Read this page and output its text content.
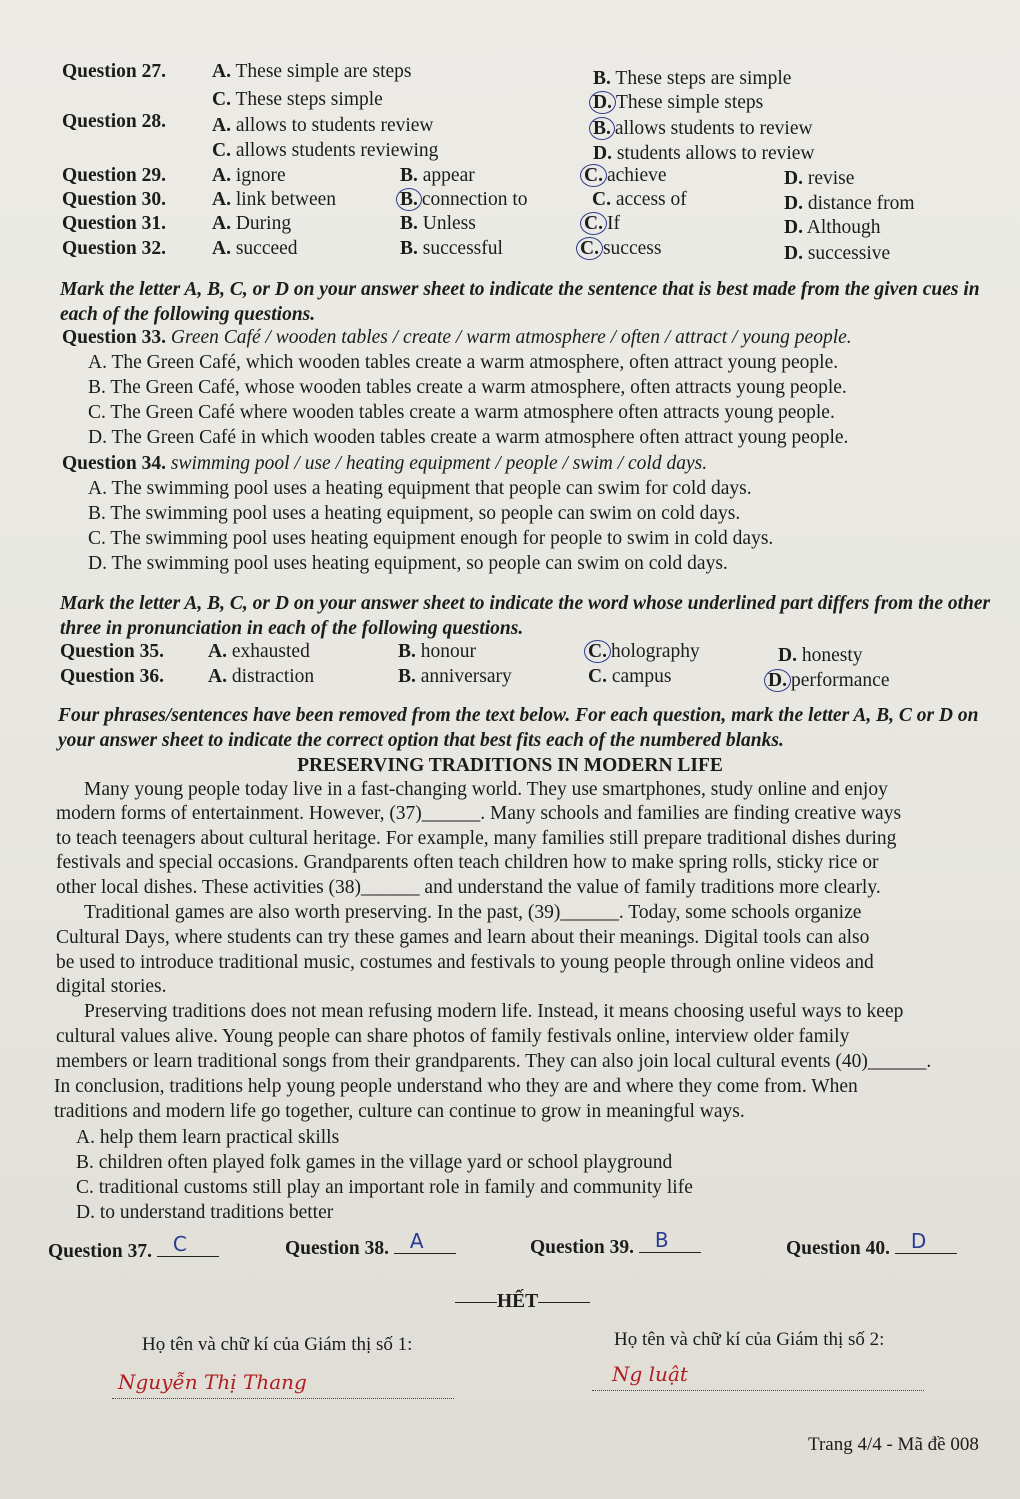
Question 27. A. These simple are steps	B. These steps are simple
C. These steps simple	D. These simple steps
Question 28. A. allows to students review	B. allows students to review
C. allows students reviewing	D. students allows to review
Question 29. A. ignore	B. appear	C. achieve	D. revise
Question 30. A. link between	B. connection to	C. access of	D. distance from
Question 31. A. During	B. Unless	C. If	D. Although
Question 32. A. succeed	B. successful	C. success	D. successive
Mark the letter A, B, C, or D on your answer sheet to indicate the sentence that is best made from the given cues in each of the following questions.
Question 33. Green Café / wooden tables / create / warm atmosphere / often / attract / young people.
A. The Green Café, which wooden tables create a warm atmosphere, often attract young people.
B. The Green Café, whose wooden tables create a warm atmosphere, often attracts young people.
C. The Green Café where wooden tables create a warm atmosphere often attracts young people.
D. The Green Café in which wooden tables create a warm atmosphere often attract young people.
Question 34. swimming pool / use / heating equipment / people / swim / cold days.
A. The swimming pool uses a heating equipment that people can swim for cold days.
B. The swimming pool uses a heating equipment, so people can swim on cold days.
C. The swimming pool uses heating equipment enough for people to swim in cold days.
D. The swimming pool uses heating equipment, so people can swim on cold days.
Mark the letter A, B, C, or D on your answer sheet to indicate the word whose underlined part differs from the other three in pronunciation in each of the following questions.
Question 35. A. exhausted	B. honour	C. holography	D. honesty
Question 36. A. distraction	B. anniversary	C. campus	D. performance
Four phrases/sentences have been removed from the text below. For each question, mark the letter A, B, C or D on your answer sheet to indicate the correct option that best fits each of the numbered blanks.
PRESERVING TRADITIONS IN MODERN LIFE
Many young people today live in a fast-changing world. They use smartphones, study online and enjoy
modern forms of entertainment. However, (37)______. Many schools and families are finding creative ways
to teach teenagers about cultural heritage. For example, many families still prepare traditional dishes during
festivals and special occasions. Grandparents often teach children how to make spring rolls, sticky rice or
other local dishes. These activities (38)______ and understand the value of family traditions more clearly.
Traditional games are also worth preserving. In the past, (39)______. Today, some schools organize
Cultural Days, where students can try these games and learn about their meanings. Digital tools can also
be used to introduce traditional music, costumes and festivals to young people through online videos and
digital stories.
Preserving traditions does not mean refusing modern life. Instead, it means choosing useful ways to keep
cultural values alive. Young people can share photos of family festivals online, interview older family
members or learn traditional songs from their grandparents. They can also join local cultural events (40)______.
In conclusion, traditions help young people understand who they are and where they come from. When
traditions and modern life go together, culture can continue to grow in meaningful ways.
A. help them learn practical skills
B. children often played folk games in the village yard or school playground
C. traditional customs still play an important role in family and community life
D. to understand traditions better
Question 37. C	Question 38. A	Question 39. B	Question 40. D
HẾT
Họ tên và chữ kí của Giám thị số 1:	Họ tên và chữ kí của Giám thị số 2:
Nguyễn Thị Thang	Ng luật
Trang 4/4 - Mã đề 008
